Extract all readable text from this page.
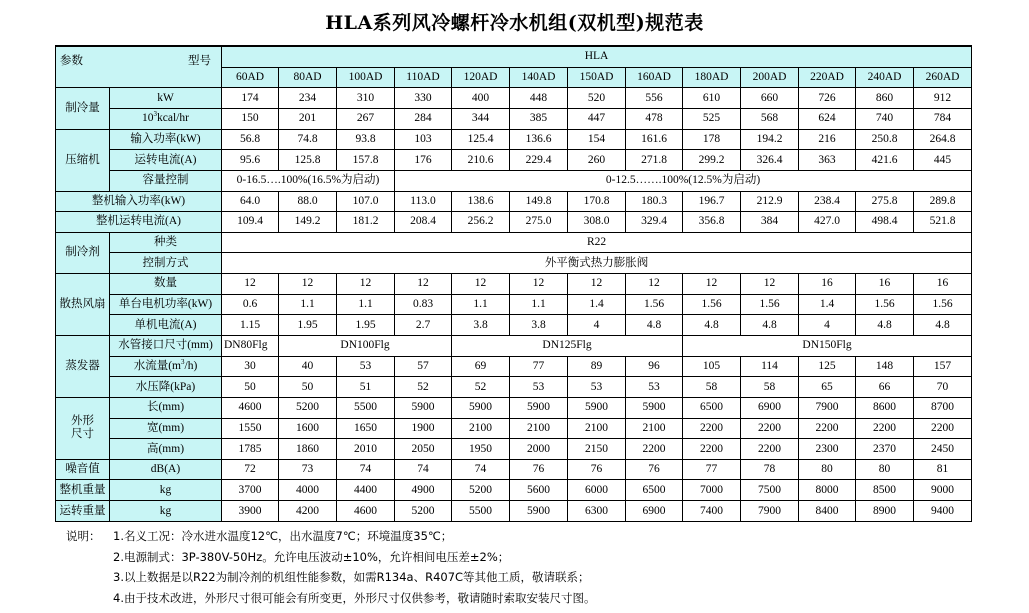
HLA系列风冷螺杆冷水机组(双机型)规范表
参数 型号		HLA												
		60AD	80AD	100AD	110AD	120AD	140AD	150AD	160AD	180AD	200AD	220AD	240AD	260AD
制冷量	kW	174	234	310	330	400	448	520	556	610	660	726	860	912
	$10^3kcal/hr$	150	201	267	284	344	385	447	478	525	568	624	740	784
压缩机	输入功率(kW)	56.8	74.8	93.8	103	125.4	136.6	154	161.6	178	194.2	216	250.8	264.8
	运转电流(A)	95.6	125.8	157.8	176	210.6	229.4	260	271.8	299.2	326.4	363	421.6	445
	容量控制	0-16.5….100%(16.5%为启动)			0-12.5…….100%(12.5%为启动)									
整机输入功率(kW)		64.0	88.0	107.0	113.0	138.6	149.8	170.8	180.3	196.7	212.9	238.4	275.8	289.8
整机运转电流(A)		109.4	149.2	181.2	208.4	256.2	275.0	308.0	329.4	356.8	384	427.0	498.4	521.8
制冷剂	种类	R22												
	控制方式	外平衡式热力膨胀阀												
散热风扇	数量	12	12	12	12	12	12	12	12	12	12	16	16	16
	单台电机功率(kW)	0.6	1.1	1.1	0.83	1.1	1.1	1.4	1.56	1.56	1.56	1.4	1.56	1.56
	单机电流(A)	1.15	1.95	1.95	2.7	3.8	3.8	4	4.8	4.8	4.8	4	4.8	4.8
蒸发器	水管接口尺寸(mm)	DN80Flg	DN100Flg			DN125Flg				DN150Flg				
	水流量$(m^3/h)$	30	40	53	57	69	77	89	96	105	114	125	148	157
	水压降(kPa)	50	50	51	52	52	53	53	53	58	58	65	66	70
外形
尺寸	长(mm)	4600	5200	5500	5900	5900	5900	5900	5900	6500	6900	7900	8600	8700
	宽(mm)	1550	1600	1650	1900	2100	2100	2100	2100	2200	2200	2200	2200	2200
	高(mm)	1785	1860	2010	2050	1950	2000	2150	2200	2200	2200	2300	2370	2450
噪音值	dB(A)	72	73	74	74	74	76	76	76	77	78	80	80	81
整机重量	kg	3700	4000	4400	4900	5200	5600	6000	6500	7000	7500	8000	8500	9000
运转重量	kg	3900	4200	4600	5200	5500	5900	6300	6900	7400	7900	8400	8900	9400
说明：	1.名义工况：冷水进水温度12℃，出水温度7℃；环境温度35℃；
2.电源制式：3P-380V-50Hz。允许电压波动±10%，允许相间电压差±2%；
3.以上数据是以R22为制冷剂的机组性能参数，如需R134a、R407C等其他工质，敬请联系；
4.由于技术改进，外形尺寸很可能会有所变更，外形尺寸仅供参考，敬请随时索取安装尺寸图。
